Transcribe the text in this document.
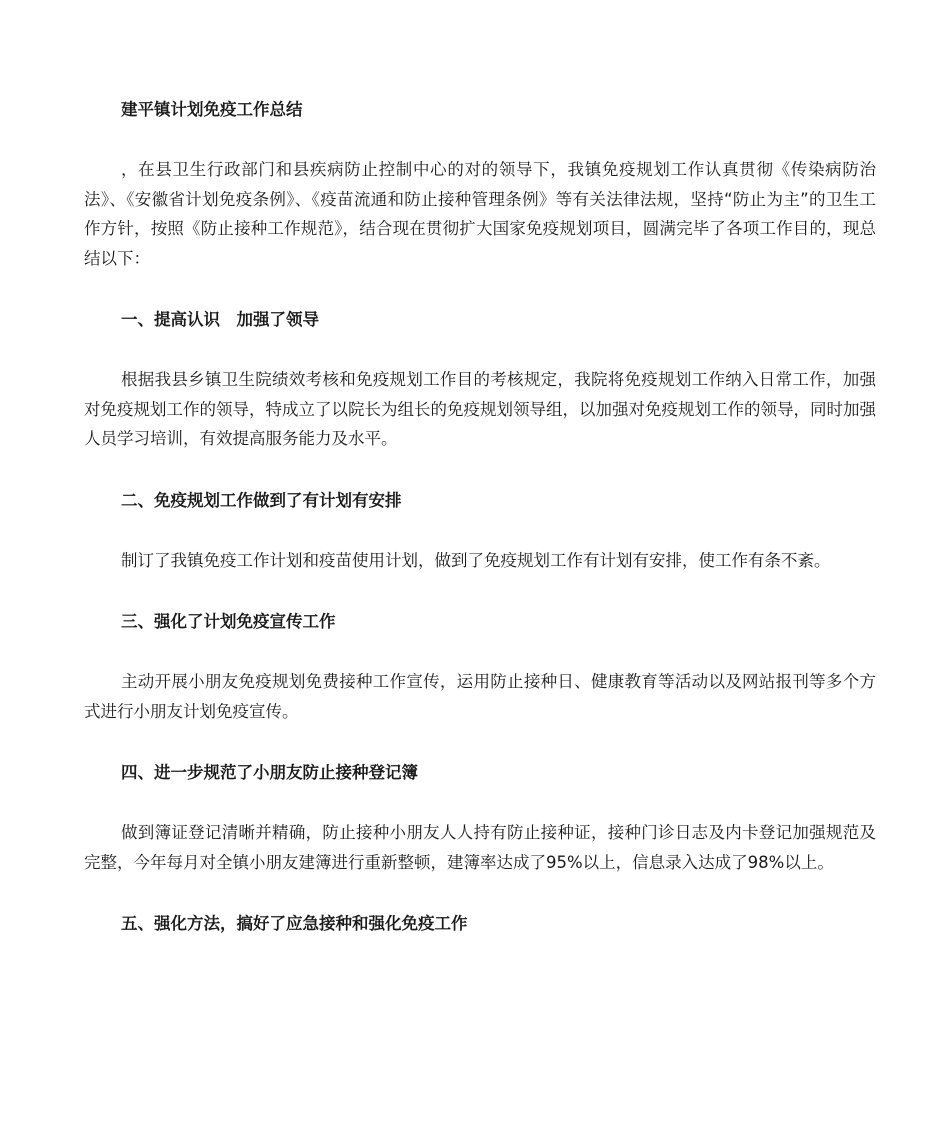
建平镇计划免疫工作总结

，在县卫生行政部门和县疾病防止控制中心的对的领导下，我镇免疫规划工作认真贯彻《传染病防治法》、《安徽省计划免疫条例》、《疫苗流通和防止接种管理条例》等有关法律法规，坚持“防止为主”的卫生工作方针，按照《防止接种工作规范》，结合现在贯彻扩大国家免疫规划项目，圆满完毕了各项工作目的，现总结以下：

一、提高认识　加强了领导

根据我县乡镇卫生院绩效考核和免疫规划工作目的考核规定，我院将免疫规划工作纳入日常工作，加强对免疫规划工作的领导，特成立了以院长为组长的免疫规划领导组，以加强对免疫规划工作的领导，同时加强人员学习培训，有效提高服务能力及水平。

二、免疫规划工作做到了有计划有安排

制订了我镇免疫工作计划和疫苗使用计划，做到了免疫规划工作有计划有安排，使工作有条不紊。

三、强化了计划免疫宣传工作

主动开展小朋友免疫规划免费接种工作宣传，运用防止接种日、健康教育等活动以及网站报刊等多个方式进行小朋友计划免疫宣传。

四、进一步规范了小朋友防止接种登记簿

做到簿证登记清晰并精确，防止接种小朋友人人持有防止接种证，接种门诊日志及内卡登记加强规范及完整，今年每月对全镇小朋友建簿进行重新整顿，建簿率达成了95%以上，信息录入达成了98%以上。

五、强化方法，搞好了应急接种和强化免疫工作
